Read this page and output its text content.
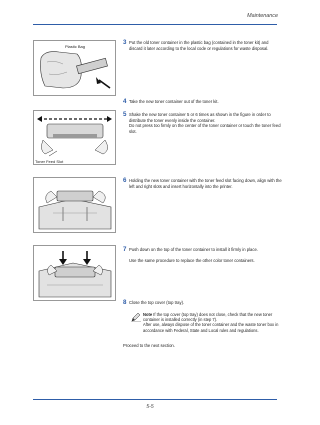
Maintenance
Plastic Bag
Toner Feed Slot
3 Put the old toner container in the plastic bag (contained in the toner kit) and discard it later according to the local code or regulations for waste disposal.

4 Take the new toner container out of the toner kit.

5 Shake the new toner container 5 or 6 times as shown in the figure in order to distribute the toner evenly inside the container.

Do not press too firmly on the center of the toner container or touch the toner feed slot.

6 Holding the new toner container with the toner feed slot facing down, align with the left and right slots and insert horizontally into the printer.

7 Push down on the top of the toner container to install it firmly in place.

Use the same procedure to replace the other color toner containers.

8 Close the top cover (top tray).

Note If the top cover (top tray) does not close, check that the new toner container is installed correctly (in step 7).
After use, always dispose of the toner container and the waste toner box in accordance with Federal, State and Local rules and regulations.
Proceed to the next section.
5-5
